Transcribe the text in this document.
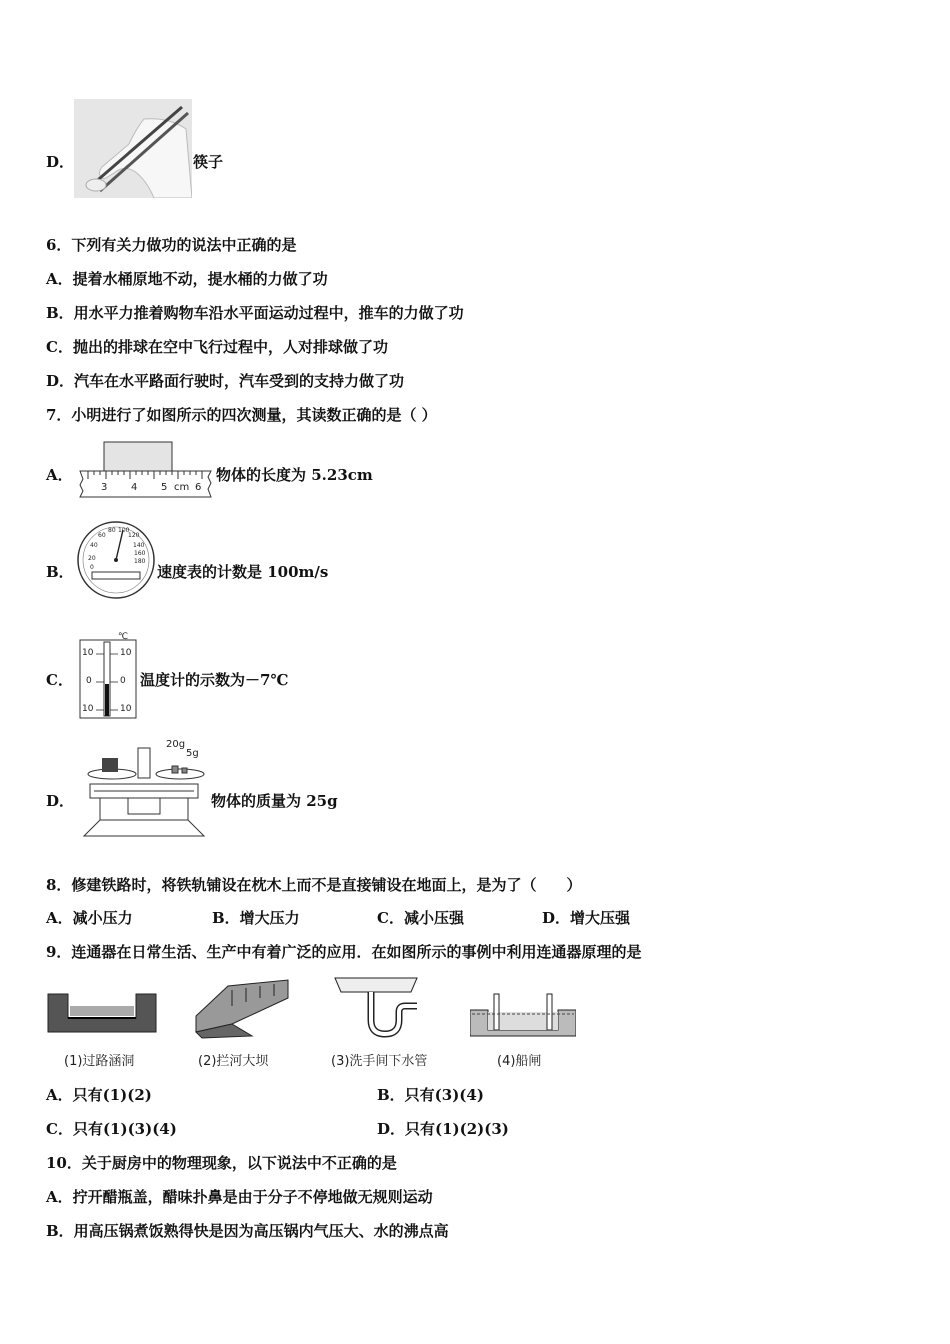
D．	筷子
6．下列有关力做功的说法中正确的是
A．提着水桶原地不动，提水桶的力做了功
B．用水平力推着购物车沿水平面运动过程中，推车的力做了功
C．抛出的排球在空中飞行过程中，人对排球做了功
D．汽车在水平路面行驶时，汽车受到的支持力做了功
7．小明进行了如图所示的四次测量，其读数正确的是（ ）
A．
3 4 5 cm 6
物体的长度为 5.23cm
B．
20
40
60
80 100
120
140
160
180
0	速度表的计数是 100m/s
C．
℃
10
0
10
10
0
10
温度计的示数为－7℃
D．
20g
5g
物体的质量为 25g
8．修建铁路时，将铁轨铺设在枕木上而不是直接铺设在地面上，是为了（　　）
A．减小压力	B．增大压力	C．减小压强	D．增大压强
9．连通器在日常生活、生产中有着广泛的应用．在如图所示的事例中利用连通器原理的是
(1)过路涵洞	(2)拦河大坝	(3)洗手间下水管	(4)船闸
A．只有(1)(2)	B．只有(3)(4)
C．只有(1)(3)(4)	D．只有(1)(2)(3)
10．关于厨房中的物理现象，以下说法中不正确的是
A．拧开醋瓶盖，醋味扑鼻是由于分子不停地做无规则运动
B．用高压锅煮饭熟得快是因为高压锅内气压大、水的沸点高
